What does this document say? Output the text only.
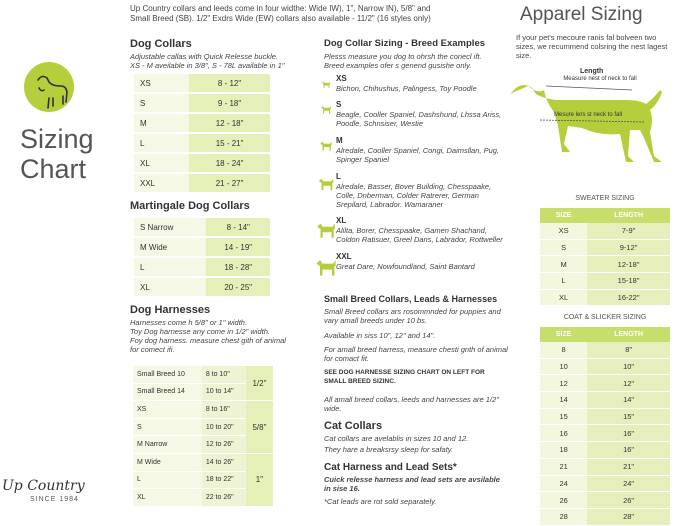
Up Country collars and leeds come in four widthe: Wide IW), 1", Narrow IN), 5/8" and Small Breed (SB). 1/2" Exdrs Wide (EW) collars also available - 11/2" (16 styles only)
Sizing
Chart
Up Country
SINCE 1984
Dog Collars
Adjustable callas with Quick Relesse buckle. XS - M aveilable in 3/8", S - 78L available in 1"
XS	8 - 12"
S	9 - 18"
M	12 - 18"
L	15 - 21"
XL	18 - 24"
XXL	21 - 27"
Martingale Dog Collars
S Narrow	8 - 14"
M Wide	14 - 19"
L	18 - 28"
XL	20 - 25"
Dog Harnesses
Harnesses come h 5/8" or 1" width.
Toy Dog harnesse any come in 1/2" width.
Foy dog harness. measure chest gith of animal for comect ifi.
Small Breed 10	8 to 10"	1/2"
Small Breed 14	10 to 14"	
XS	8 to 16"	5/8"
S	10 to 20"	
M Narrow	12 to 26"	
M Wide	14 to 26"	1"
L	18 to 22"	
XL	22 to 26"	
Dog Collar Sizing - Breed Examples
Plesss measure you dog to ohrsh the conecl ift. Breed examples ofer s genend gusishe only.
XS
Bichon, Chihushus, Palingess, Toy Poodle
S
Beagle, Cooller Spaniel, Dashshund, Lhssa Ariss, Poodle, Schnsiser, Westie
M
Alredale, Cooller Spaniel, Congi, Daimsllan, Pug, Spinger Spaniel
L
Alredale, Basser, Bover Building, Chesspaake, Colle, Dnberman, Colder Ratrerer, German Srepilard, Labrador. Wamaraner
XL
Alilta, Borer, Chesspaake, Gamen Shachand, Coldon Ratisuer, Greel Dans, Labrador, Rottweller
XXL
Great Dare, Nowfoundland, Saint Bantard
Small Breed Collars, Leads & Harnesses
Small Breed collars ars rosommnded for puppies and vary amall breeds under 10 bs.
Available in siss 10", 12" and 14".
For amall breed harress, measure chesti gnth of animal for comact fit.
SEE DOG HARNESSE SIZING CHART ON LEFT FOR SMALL BREED SIZINC.
All amall breed collars, leeds and harnesses are 1/2" wide.
Cat Collars
Cat collars are avelablis in sizes 10 and 12.
They hare a breaksrsy sleep for safaty.
Cat Harness and Lead Sets*
Cuick relesse harness and lead sets are avsilable in sise 16.
*Cat leads are rot sold separately.
Apparel Sizing
If your pet's mecoure ranis fal bolveen two sizes, we recummend colsring the nest lagest size.
Length
Measure nest of neck to fall
Mesure lers st neck to fall
SWEATER SIZING
SIZE	LENGTH
XS	7-9"
S	9-12"
M	12-18"
L	15-18"
XL	16-22"
COAT & SLICKER SIZING
SIZE	LENGTH
8	8"
10	10"
12	12"
14	14"
15	15"
16	16"
18	16"
21	21"
24	24"
26	26"
28	28"
